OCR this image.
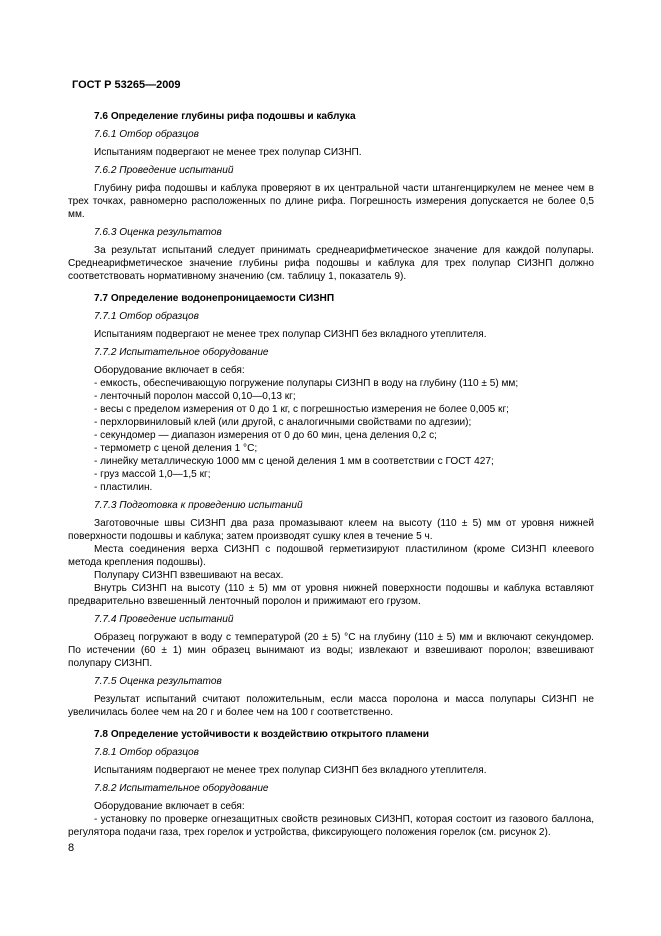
ГОСТ Р 53265—2009
7.6 Определение глубины рифа подошвы и каблука
7.6.1 Отбор образцов
Испытаниям подвергают не менее трех полупар СИЗНП.
7.6.2 Проведение испытаний
Глубину рифа подошвы и каблука проверяют в их центральной части штангенциркулем не менее чем в трех точках, равномерно расположенных по длине рифа. Погрешность измерения допускается не более 0,5 мм.
7.6.3 Оценка результатов
За результат испытаний следует принимать среднеарифметическое значение для каждой полупары. Среднеарифметическое значение глубины рифа подошвы и каблука для трех полупар СИЗНП должно соответствовать нормативному значению (см. таблицу 1, показатель 9).
7.7 Определение водонепроницаемости СИЗНП
7.7.1 Отбор образцов
Испытаниям подвергают не менее трех полупар СИЗНП без вкладного утеплителя.
7.7.2 Испытательное оборудование
Оборудование включает в себя:
- емкость, обеспечивающую погружение полупары СИЗНП в воду на глубину (110 ± 5) мм;
- ленточный поролон массой 0,10—0,13 кг;
- весы с пределом измерения от 0 до 1 кг, с погрешностью измерения не более 0,005 кг;
- перхлорвиниловый клей (или другой, с аналогичными свойствами по адгезии);
- секундомер — диапазон измерения от 0 до 60 мин, цена деления 0,2 с;
- термометр с ценой деления 1 °С;
- линейку металлическую 1000 мм с ценой деления 1 мм в соответствии с ГОСТ 427;
- груз массой 1,0—1,5 кг;
- пластилин.
7.7.3 Подготовка к проведению испытаний
Заготовочные швы СИЗНП два раза промазывают клеем на высоту (110 ± 5) мм от уровня нижней поверхности подошвы и каблука; затем производят сушку клея в течение 5 ч.
Места соединения верха СИЗНП с подошвой герметизируют пластилином (кроме СИЗНП клеевого метода крепления подошвы).
Полупару СИЗНП взвешивают на весах.
Внутрь СИЗНП на высоту (110 ± 5) мм от уровня нижней поверхности подошвы и каблука вставляют предварительно взвешенный ленточный поролон и прижимают его грузом.
7.7.4 Проведение испытаний
Образец погружают в воду с температурой (20 ± 5) °С на глубину (110 ± 5) мм и включают секундомер. По истечении (60 ± 1) мин образец вынимают из воды; извлекают и взвешивают поролон; взвешивают полупару СИЗНП.
7.7.5 Оценка результатов
Результат испытаний считают положительным, если масса поролона и масса полупары СИЗНП не увеличилась более чем на 20 г и более чем на 100 г соответственно.
7.8 Определение устойчивости к воздействию открытого пламени
7.8.1 Отбор образцов
Испытаниям подвергают не менее трех полупар СИЗНП без вкладного утеплителя.
7.8.2 Испытательное оборудование
Оборудование включает в себя:
- установку по проверке огнезащитных свойств резиновых СИЗНП, которая состоит из газового баллона, регулятора подачи газа, трех горелок и устройства, фиксирующего положения горелок (см. рисунок 2).
8
